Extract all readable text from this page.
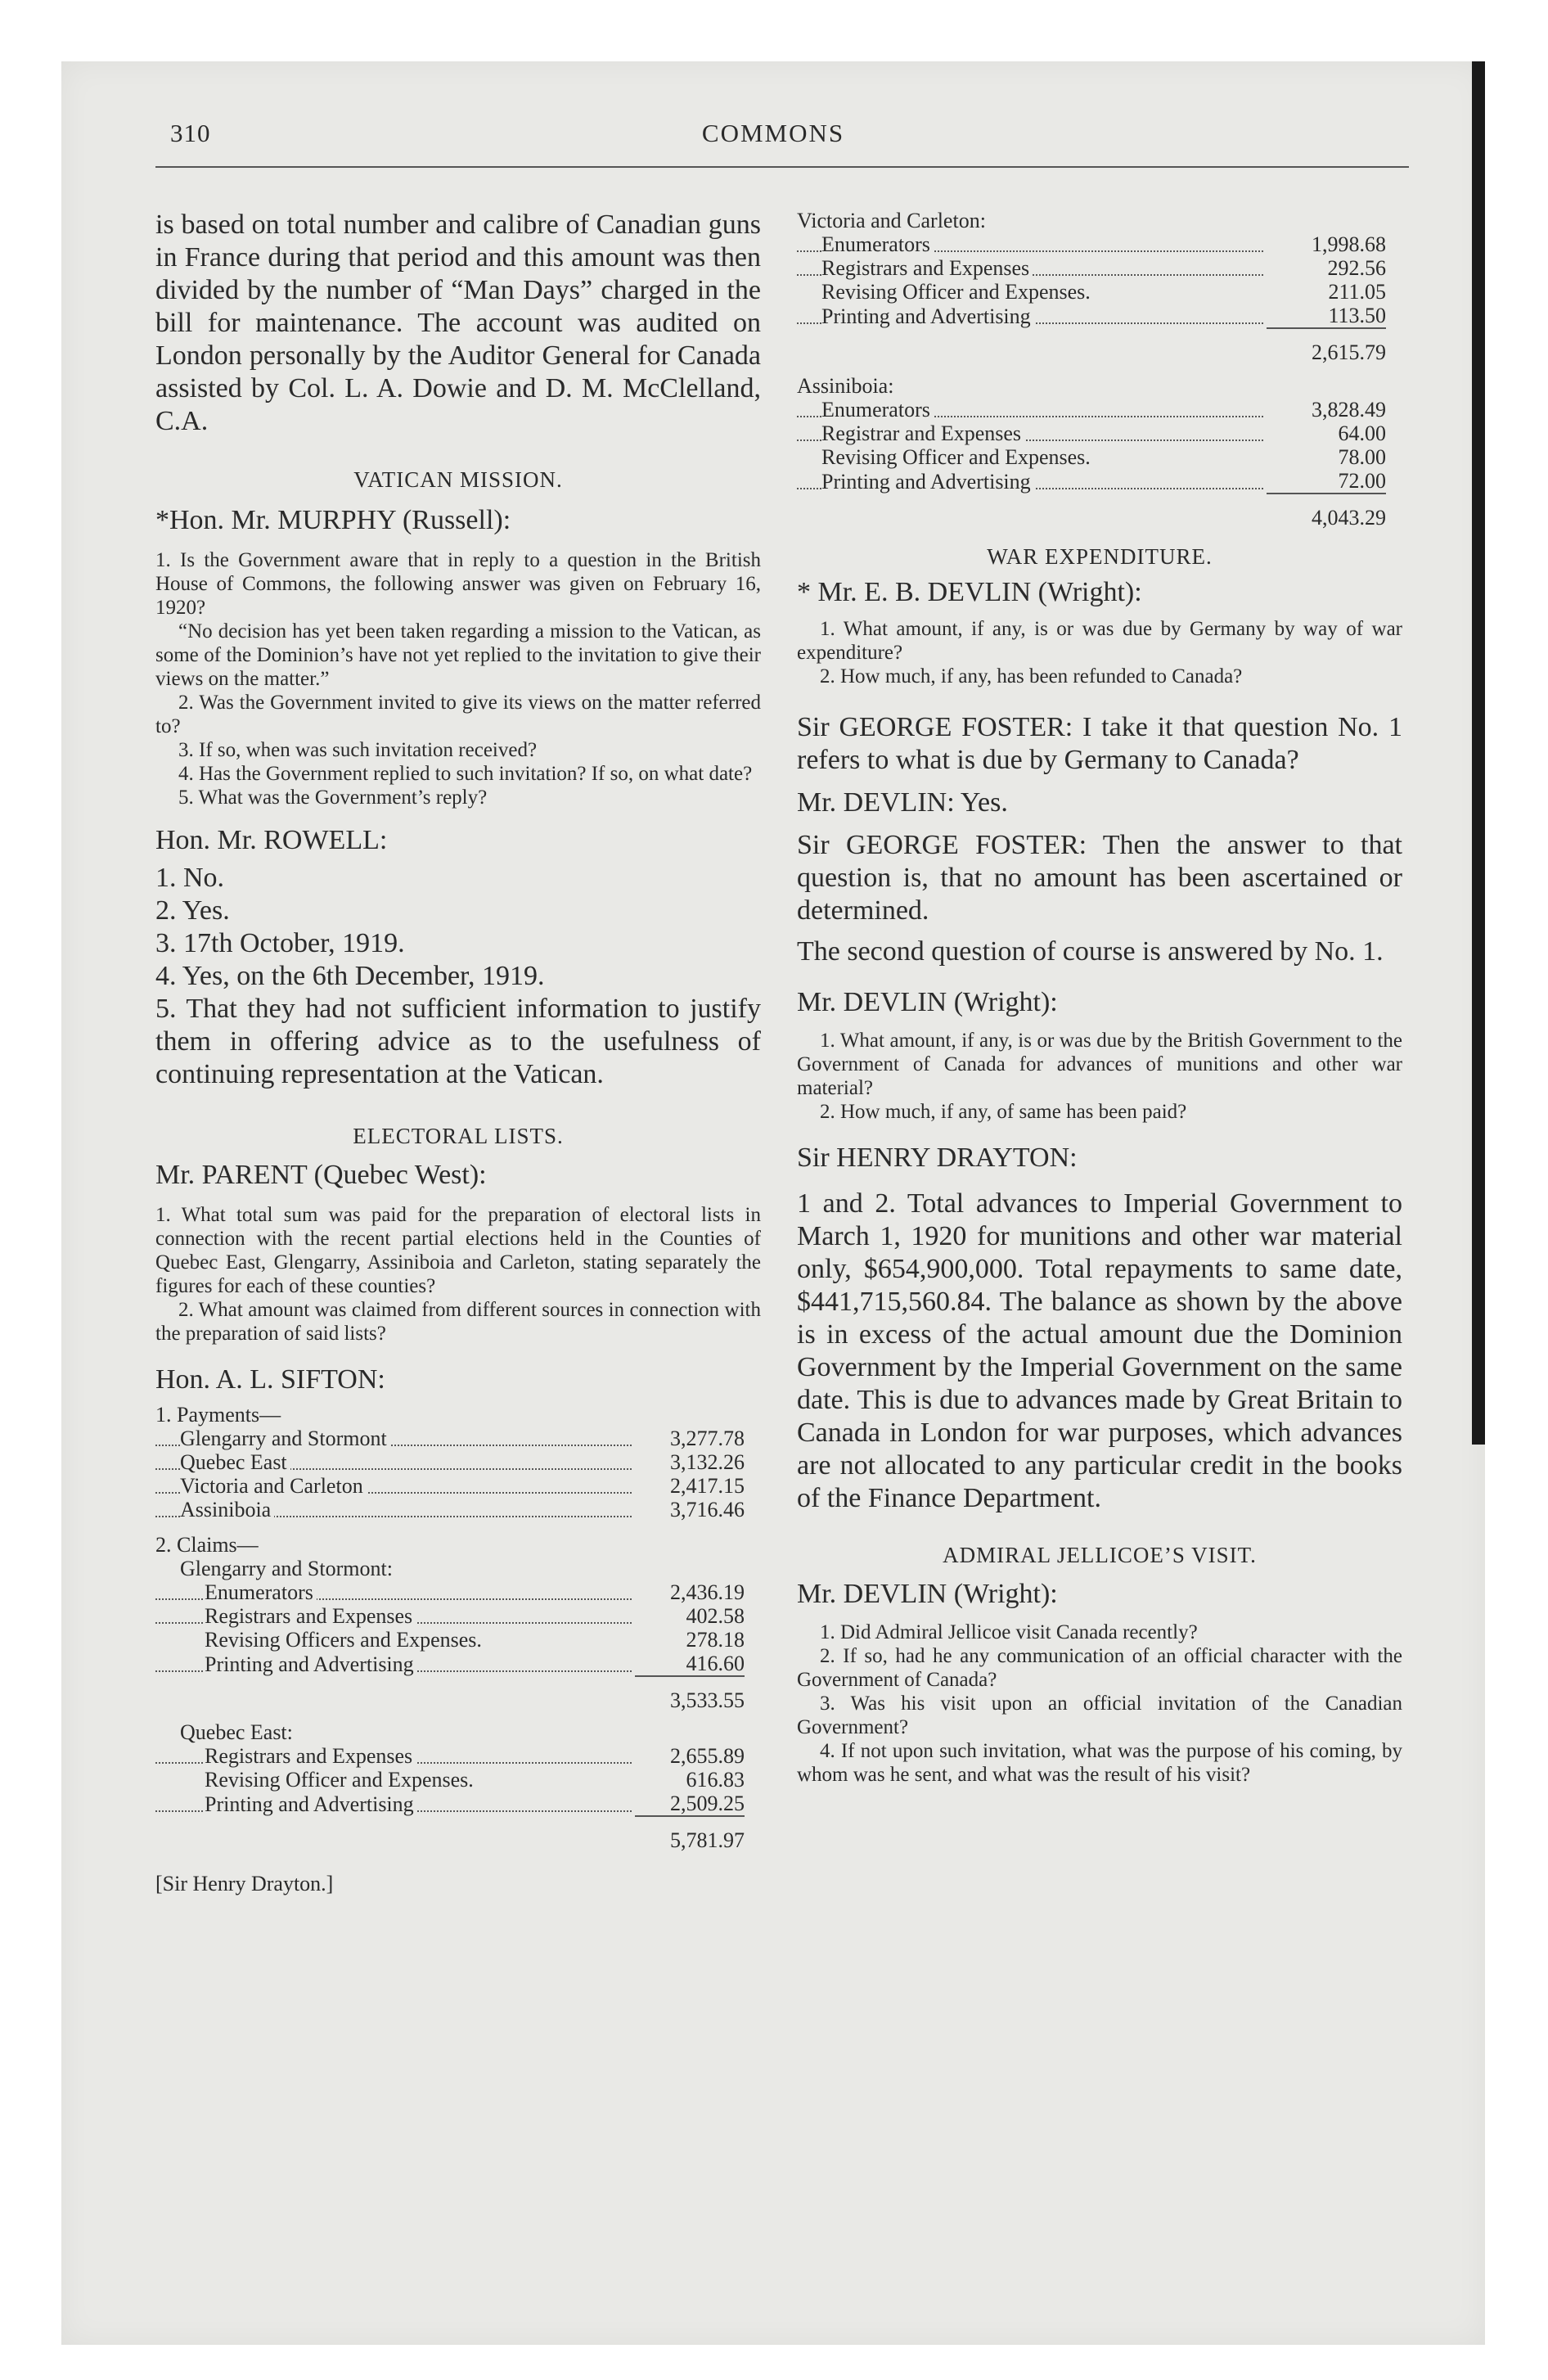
310	COMMONS

is based on total number and calibre of Canadian guns in France during that period and this amount was then divided by the number of “Man Days” charged in the bill for maintenance. The account was audited on London personally by the Auditor General for Canada assisted by Col. L. A. Dowie and D. M. McClelland, C.A.

VATICAN MISSION.

*Hon. Mr. MURPHY (Russell):

1. Is the Government aware that in reply to a question in the British House of Commons, the following answer was given on February 16, 1920?

“No decision has yet been taken regarding a mission to the Vatican, as some of the Dominion’s have not yet replied to the invitation to give their views on the matter.”

2. Was the Government invited to give its views on the matter referred to?

3. If so, when was such invitation received?

4. Has the Government replied to such invitation? If so, on what date?

5. What was the Government’s reply?

Hon. Mr. ROWELL:

1. No.

2. Yes.

3. 17th October, 1919.

4. Yes, on the 6th December, 1919.

5. That they had not sufficient information to justify them in offering advice as to the usefulness of continuing representation at the Vatican.

ELECTORAL LISTS.

Mr. PARENT (Quebec West):

1. What total sum was paid for the preparation of electoral lists in connection with the recent partial elections held in the Counties of Quebec East, Glengarry, Assiniboia and Carleton, stating separately the figures for each of these counties?

2. What amount was claimed from different sources in connection with the preparation of said lists?

Hon. A. L. SIFTON:

1. Payments—	

Glengarry and Stormont	3,277.78

Quebec East	3,132.26

Victoria and Carleton	2,417.15

Assiniboia	3,716.46
2. Claims—	
Glengarry and Stormont:	

Enumerators	2,436.19

Registrars and Expenses	402.58
Revising Officers and Expenses.	278.18

Printing and Advertising	416.60
	3,533.55
Quebec East:	

Registrars and Expenses	2,655.89
Revising Officer and Expenses.	616.83

Printing and Advertising	2,509.25
	5,781.97

[Sir Henry Drayton.]

Victoria and Carleton:	

Enumerators	1,998.68

Registrars and Expenses	292.56
Revising Officer and Expenses.	211.05

Printing and Advertising	113.50
	2,615.79
Assiniboia:	

Enumerators	3,828.49

Registrar and Expenses	64.00
Revising Officer and Expenses.	78.00

Printing and Advertising	72.00
	4,043.29

WAR EXPENDITURE.

* Mr. E. B. DEVLIN (Wright):

1. What amount, if any, is or was due by Germany by way of war expenditure?

2. How much, if any, has been refunded to Canada?

Sir GEORGE FOSTER: I take it that question No. 1 refers to what is due by Germany to Canada?

Mr. DEVLIN: Yes.

Sir GEORGE FOSTER: Then the answer to that question is, that no amount has been ascertained or determined.

The second question of course is answered by No. 1.

Mr. DEVLIN (Wright):

1. What amount, if any, is or was due by the British Government to the Government of Canada for advances of munitions and other war material?

2. How much, if any, of same has been paid?

Sir HENRY DRAYTON:

1 and 2. Total advances to Imperial Government to March 1, 1920 for munitions and other war material only, $654,900,000. Total repayments to same date, $441,715,560.84. The balance as shown by the above is in excess of the actual amount due the Dominion Government by the Imperial Government on the same date. This is due to advances made by Great Britain to Canada in London for war purposes, which advances are not allocated to any particular credit in the books of the Finance Department.

ADMIRAL JELLICOE’S VISIT.

Mr. DEVLIN (Wright):

1. Did Admiral Jellicoe visit Canada recently?

2. If so, had he any communication of an official character with the Government of Canada?

3. Was his visit upon an official invitation of the Canadian Government?

4. If not upon such invitation, what was the purpose of his coming, by whom was he sent, and what was the result of his visit?
